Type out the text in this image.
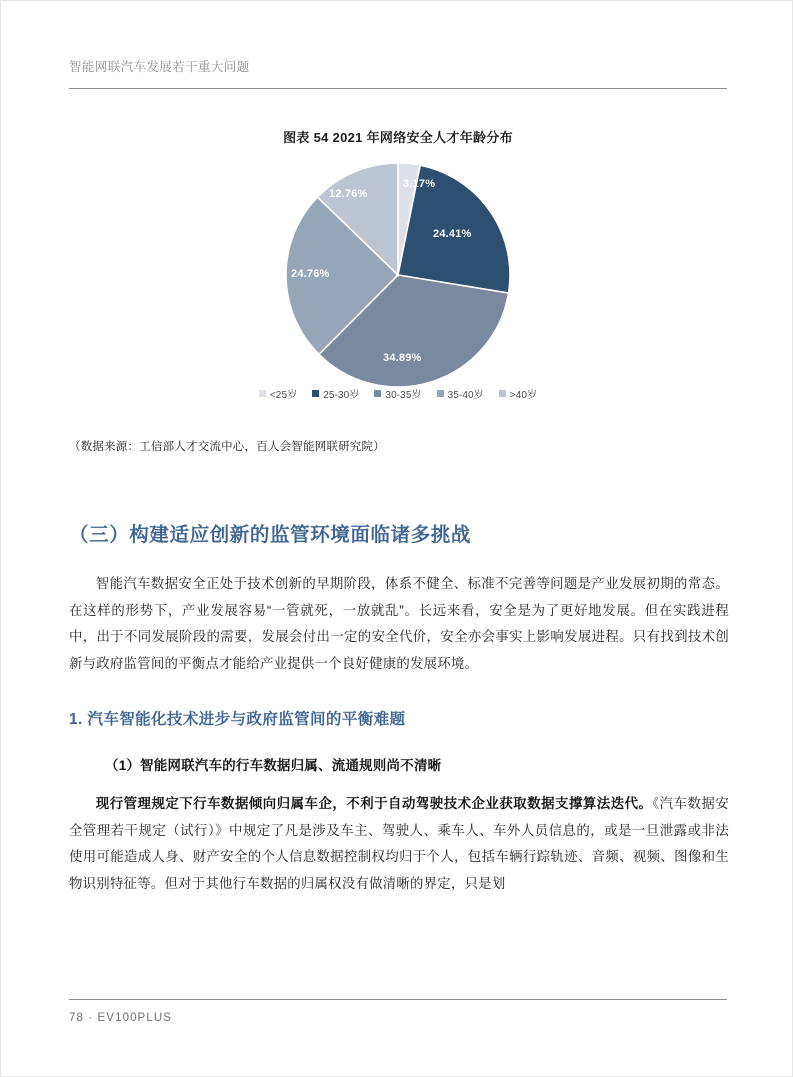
智能网联汽车发展若干重大问题
图表 54 2021 年网络安全人才年龄分布
3.17%
24.41%
34.89%
24.76%
12.76%
<25岁	25-30岁	30-35岁	35-40岁	>40岁
（数据来源：工信部人才交流中心，百人会智能网联研究院）
（三）构建适应创新的监管环境面临诸多挑战

智能汽车数据安全正处于技术创新的早期阶段，体系不健全、标准不完善等问题是产业发展初期的常态。在这样的形势下，产业发展容易“一管就死，一放就乱”。长远来看，安全是为了更好地发展。但在实践进程中，出于不同发展阶段的需要，发展会付出一定的安全代价，安全亦会事实上影响发展进程。只有找到技术创新与政府监管间的平衡点才能给产业提供一个良好健康的发展环境。

1. 汽车智能化技术进步与政府监管间的平衡难题
（1）智能网联汽车的行车数据归属、流通规则尚不清晰

现行管理规定下行车数据倾向归属车企，不利于自动驾驶技术企业获取数据支撑算法迭代。《汽车数据安全管理若干规定（试行）》中规定了凡是涉及车主、驾驶人、乘车人、车外人员信息的，或是一旦泄露或非法使用可能造成人身、财产安全的个人信息数据控制权均归于个人，包括车辆行踪轨迹、音频、视频、图像和生物识别特征等。但对于其他行车数据的归属权没有做清晰的界定，只是划

78 · EV100PLUS
